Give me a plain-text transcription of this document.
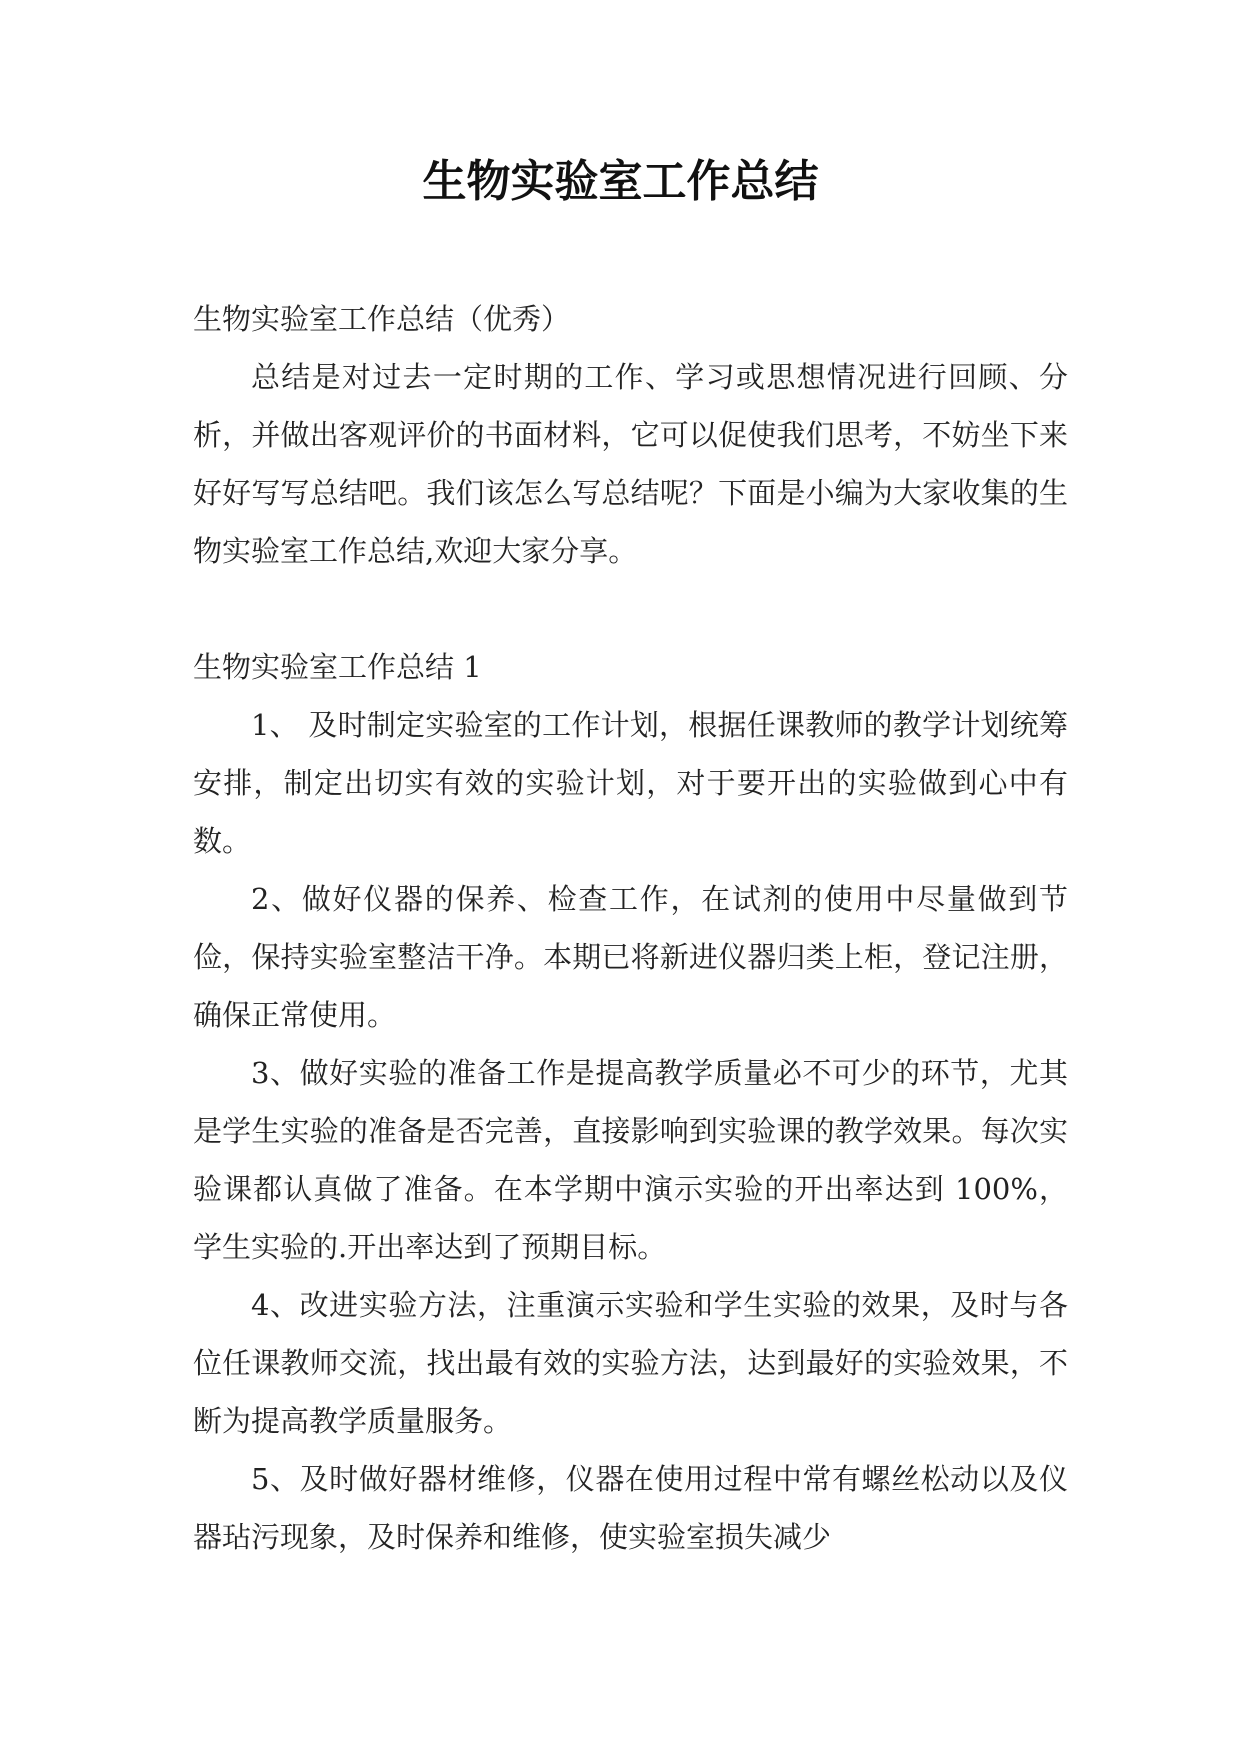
生物实验室工作总结
生物实验室工作总结（优秀）

总结是对过去一定时期的工作、学习或思想情况进行回顾、分析，并做出客观评价的书面材料，它可以促使我们思考，不妨坐下来好好写写总结吧。我们该怎么写总结呢？下面是小编为大家收集的生物实验室工作总结,欢迎大家分享。

生物实验室工作总结 1

1、 及时制定实验室的工作计划，根据任课教师的教学计划统筹安排，制定出切实有效的实验计划，对于要开出的实验做到心中有数。

2、做好仪器的保养、检查工作，在试剂的使用中尽量做到节俭，保持实验室整洁干净。本期已将新进仪器归类上柜，登记注册，确保正常使用。

3、做好实验的准备工作是提高教学质量必不可少的环节，尤其是学生实验的准备是否完善，直接影响到实验课的教学效果。每次实验课都认真做了准备。在本学期中演示实验的开出率达到 100%，学生实验的.开出率达到了预期目标。

4、改进实验方法，注重演示实验和学生实验的效果，及时与各位任课教师交流，找出最有效的实验方法，达到最好的实验效果，不断为提高教学质量服务。

5、及时做好器材维修，仪器在使用过程中常有螺丝松动以及仪器玷污现象，及时保养和维修，使实验室损失减少
